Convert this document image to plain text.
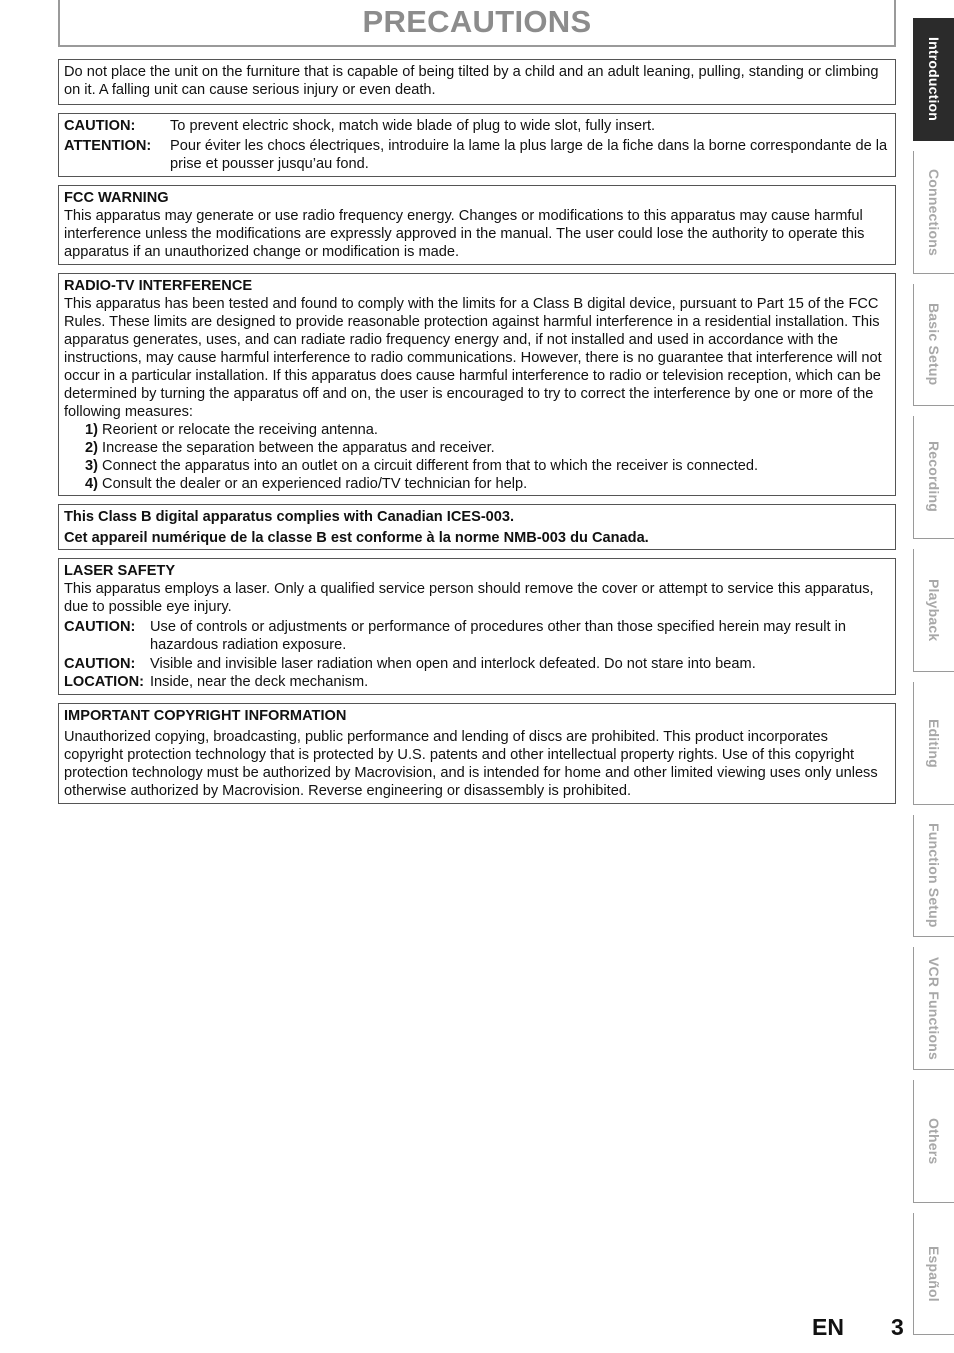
PRECAUTIONS

Do not place the unit on the furniture that is capable of being tilted by a child and an adult leaning, pulling, standing or climbing on it. A falling unit can cause serious injury or even death.

CAUTION:	To prevent electric shock, match wide blade of plug to wide slot, fully insert.
ATTENTION:	Pour éviter les chocs électriques, introduire la lame la plus large de la fiche dans la borne correspondante de la prise et pousser jusqu’au fond.

FCC WARNING

This apparatus may generate or use radio frequency energy. Changes or modifications to this apparatus may cause harmful interference unless the modifications are expressly approved in the manual. The user could lose the authority to operate this apparatus if an unauthorized change or modification is made.

RADIO-TV INTERFERENCE

This apparatus has been tested and found to comply with the limits for a Class B digital device, pursuant to Part 15 of the FCC Rules. These limits are designed to provide reasonable protection against harmful interference in a residential installation. This apparatus generates, uses, and can radiate radio frequency energy and, if not installed and used in accordance with the instructions, may cause harmful interference to radio communications. However, there is no guarantee that interference will not occur in a particular installation. If this apparatus does cause harmful interference to radio or television reception, which can be determined by turning the apparatus off and on, the user is encouraged to try to correct the interference by one or more of the following measures:

1) Reorient or relocate the receiving antenna.
2) Increase the separation between the apparatus and receiver.
3) Connect the apparatus into an outlet on a circuit different from that to which the receiver is connected.
4) Consult the dealer or an experienced radio/TV technician for help.

This Class B digital apparatus complies with Canadian ICES-003.

Cet appareil numérique de la classe B est conforme à la norme NMB-003 du Canada.

LASER SAFETY

This apparatus employs a laser. Only a qualified service person should remove the cover or attempt to service this apparatus, due to possible eye injury.

CAUTION:	Use of controls or adjustments or performance of procedures other than those specified herein may result in hazardous radiation exposure.
CAUTION:	Visible and invisible laser radiation when open and interlock defeated. Do not stare into beam.
LOCATION: Inside, near the deck mechanism.

IMPORTANT COPYRIGHT INFORMATION

Unauthorized copying, broadcasting, public performance and lending of discs are prohibited. This product incorporates copyright protection technology that is protected by U.S. patents and other intellectual property rights. Use of this copyright protection technology must be authorized by Macrovision, and is intended for home and other limited viewing uses only unless otherwise authorized by Macrovision. Reverse engineering or disassembly is prohibited.

Introduction
Connections
Basic Setup
Recording
Playback
Editing
Function Setup
VCR Functions
Others
Español
EN 3
